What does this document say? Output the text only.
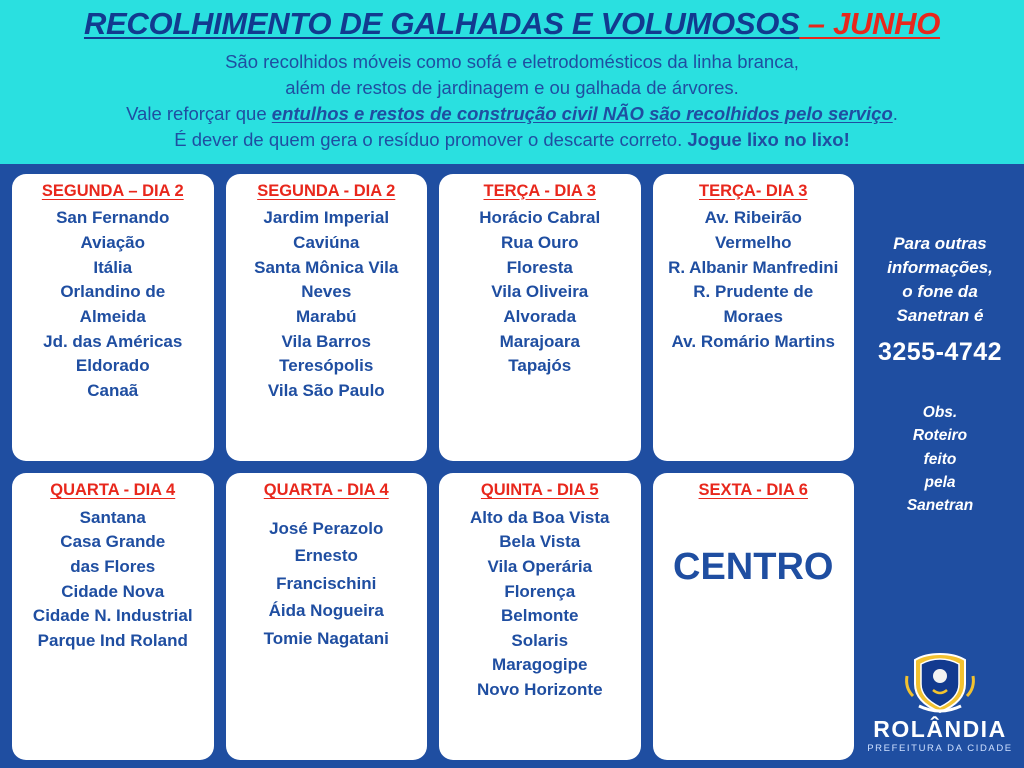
RECOLHIMENTO DE GALHADAS E VOLUMOSOS – JUNHO
São recolhidos móveis como sofá e eletrodomésticos da linha branca,
além de restos de jardinagem e ou galhada de árvores.
Vale reforçar que entulhos e restos de construção civil NÃO são recolhidos pelo serviço.
É dever de quem gera o resíduo promover o descarte correto. Jogue lixo no lixo!
SEGUNDA – DIA 2
San Fernando
Aviação
Itália
Orlandino de
Almeida
Jd. das Américas
Eldorado
Canaã
SEGUNDA - DIA 2
Jardim Imperial
Caviúna
Santa Mônica Vila
Neves
Marabú
Vila Barros
Teresópolis
Vila São Paulo
TERÇA - DIA 3
Horácio Cabral
Rua Ouro
Floresta
Vila Oliveira
Alvorada
Marajoara
Tapajós
TERÇA- DIA 3
Av. Ribeirão
Vermelho
R. Albanir Manfredini
R. Prudente de
Moraes
Av. Romário Martins
QUARTA - DIA 4
Santana
Casa Grande
das Flores
Cidade Nova
Cidade N. Industrial
Parque Ind Roland
QUARTA - DIA 4
José Perazolo
Ernesto
Francischini
Áida Nogueira
Tomie Nagatani
QUINTA - DIA 5
Alto da Boa Vista
Bela Vista
Vila Operária
Florença
Belmonte
Solaris
Maragogipe
Novo Horizonte
SEXTA - DIA 6
CENTRO
Para outras
informações,
o fone da
Sanetran é
3255-4742
Obs.
Roteiro
feito
pela
Sanetran
ROLÂNDIA
PREFEITURA DA CIDADE
